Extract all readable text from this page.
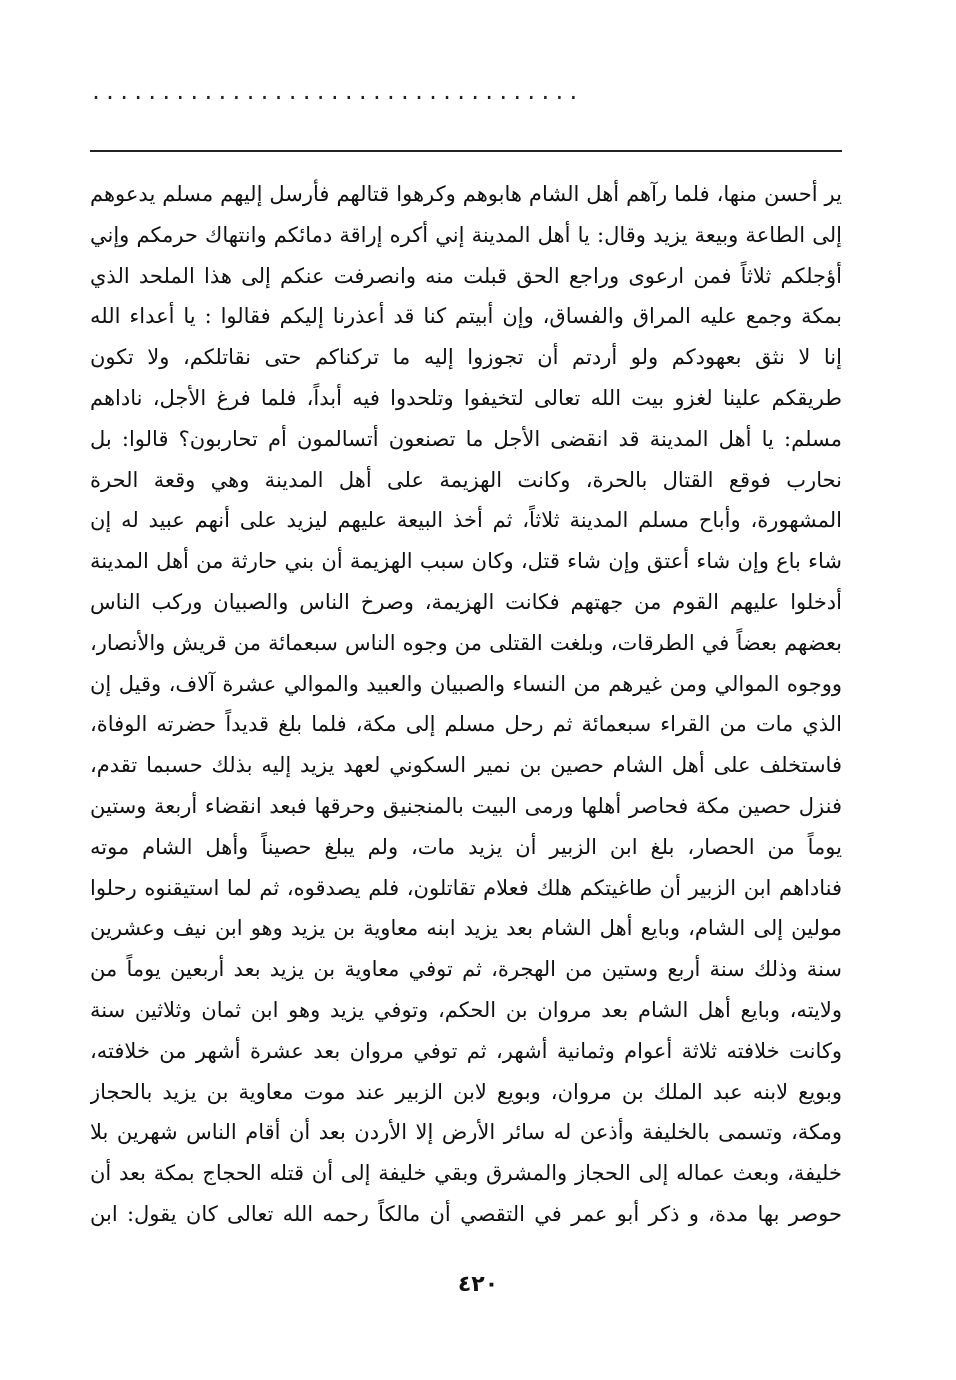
...................................
ير أحسن منها، فلما رآهم أهل الشام هابوهم وكرهوا قتالهم فأرسل إليهم مسلم يدعوهم
إلى الطاعة وبيعة يزيد وقال: يا أهل المدينة إني أكره إراقة دمائكم وانتهاك حرمكم وإني
أؤجلكم ثلاثاً فمن ارعوى وراجع الحق قبلت منه وانصرفت عنكم إلى هذا الملحد الذي
بمكة وجمع عليه المراق والفساق، وإن أبيتم كنا قد أعذرنا إليكم فقالوا : يا أعداء الله
إنا لا نثق بعهودكم ولو أردتم أن تجوزوا إليه ما تركناكم حتى نقاتلكم، ولا تكون
طريقكم علينا لغزو بيت الله تعالى لتخيفوا وتلحدوا فيه أبداً، فلما فرغ الأجل، ناداهم
مسلم: يا أهل المدينة قد انقضى الأجل ما تصنعون أتسالمون أم تحاربون؟ قالوا: بل
نحارب فوقع القتال بالحرة، وكانت الهزيمة على أهل المدينة وهي وقعة الحرة
المشهورة، وأباح مسلم المدينة ثلاثاً، ثم أخذ البيعة عليهم ليزيد على أنهم عبيد له إن
شاء باع وإن شاء أعتق وإن شاء قتل، وكان سبب الهزيمة أن بني حارثة من أهل المدينة
أدخلوا عليهم القوم من جهتهم فكانت الهزيمة، وصرخ الناس والصبيان وركب الناس
بعضهم بعضاً في الطرقات، وبلغت القتلى من وجوه الناس سبعمائة من قريش والأنصار،
ووجوه الموالي ومن غيرهم من النساء والصبيان والعبيد والموالي عشرة آلاف، وقيل إن
الذي مات من القراء سبعمائة ثم رحل مسلم إلى مكة، فلما بلغ قديداً حضرته الوفاة،
فاستخلف على أهل الشام حصين بن نمير السكوني لعهد يزيد إليه بذلك حسبما تقدم،
فنزل حصين مكة فحاصر أهلها ورمى البيت بالمنجنيق وحرقها فبعد انقضاء أربعة وستين
يوماً من الحصار، بلغ ابن الزبير أن يزيد مات، ولم يبلغ حصيناً وأهل الشام موته
فناداهم ابن الزبير أن طاغيتكم هلك فعلام تقاتلون، فلم يصدقوه، ثم لما استيقنوه رحلوا
مولين إلى الشام، وبايع أهل الشام بعد يزيد ابنه معاوية بن يزيد وهو ابن نيف وعشرين
سنة وذلك سنة أربع وستين من الهجرة، ثم توفي معاوية بن يزيد بعد أربعين يوماً من
ولايته، وبايع أهل الشام بعد مروان بن الحكم، وتوفي يزيد وهو ابن ثمان وثلاثين سنة
وكانت خلافته ثلاثة أعوام وثمانية أشهر، ثم توفي مروان بعد عشرة أشهر من خلافته،
وبويع لابنه عبد الملك بن مروان، وبويع لابن الزبير عند موت معاوية بن يزيد بالحجاز
ومكة، وتسمى بالخليفة وأذعن له سائر الأرض إلا الأردن بعد أن أقام الناس شهرين بلا
خليفة، وبعث عماله إلى الحجاز والمشرق وبقي خليفة إلى أن قتله الحجاج بمكة بعد أن
حوصر بها مدة، و ذكر أبو عمر في التقصي أن مالكاً رحمه الله تعالى كان يقول: ابن
٤٢٠
